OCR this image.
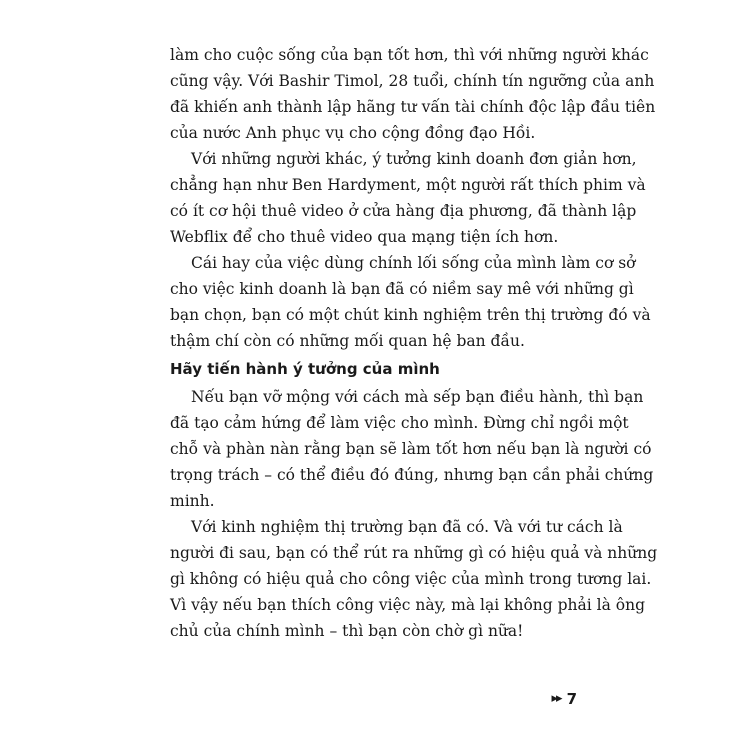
làm cho cuộc sống của bạn tốt hơn, thì với những người khác
cũng vậy. Với Bashir Timol, 28 tuổi, chính tín ngưỡng của anh
đã khiến anh thành lập hãng tư vấn tài chính độc lập đầu tiên
của nước Anh phục vụ cho cộng đồng đạo Hồi.
Với những người khác, ý tưởng kinh doanh đơn giản hơn,
chẳng hạn như Ben Hardyment, một người rất thích phim và
có ít cơ hội thuê video ở cửa hàng địa phương, đã thành lập
Webflix để cho thuê video qua mạng tiện ích hơn.
Cái hay của việc dùng chính lối sống của mình làm cơ sở
cho việc kinh doanh là bạn đã có niềm say mê với những gì
bạn chọn, bạn có một chút kinh nghiệm trên thị trường đó và
thậm chí còn có những mối quan hệ ban đầu.
Hãy tiến hành ý tưởng của mình
Nếu bạn vỡ mộng với cách mà sếp bạn điều hành, thì bạn
đã tạo cảm hứng để làm việc cho mình. Đừng chỉ ngồi một
chỗ và phàn nàn rằng bạn sẽ làm tốt hơn nếu bạn là người có
trọng trách – có thể điều đó đúng, nhưng bạn cần phải chứng
minh.
Với kinh nghiệm thị trường bạn đã có. Và với tư cách là
người đi sau, bạn có thể rút ra những gì có hiệu quả và những
gì không có hiệu quả cho công việc của mình trong tương lai.
Vì vậy nếu bạn thích công việc này, mà lại không phải là ông
chủ của chính mình – thì bạn còn chờ gì nữa!
▸▸ 7
